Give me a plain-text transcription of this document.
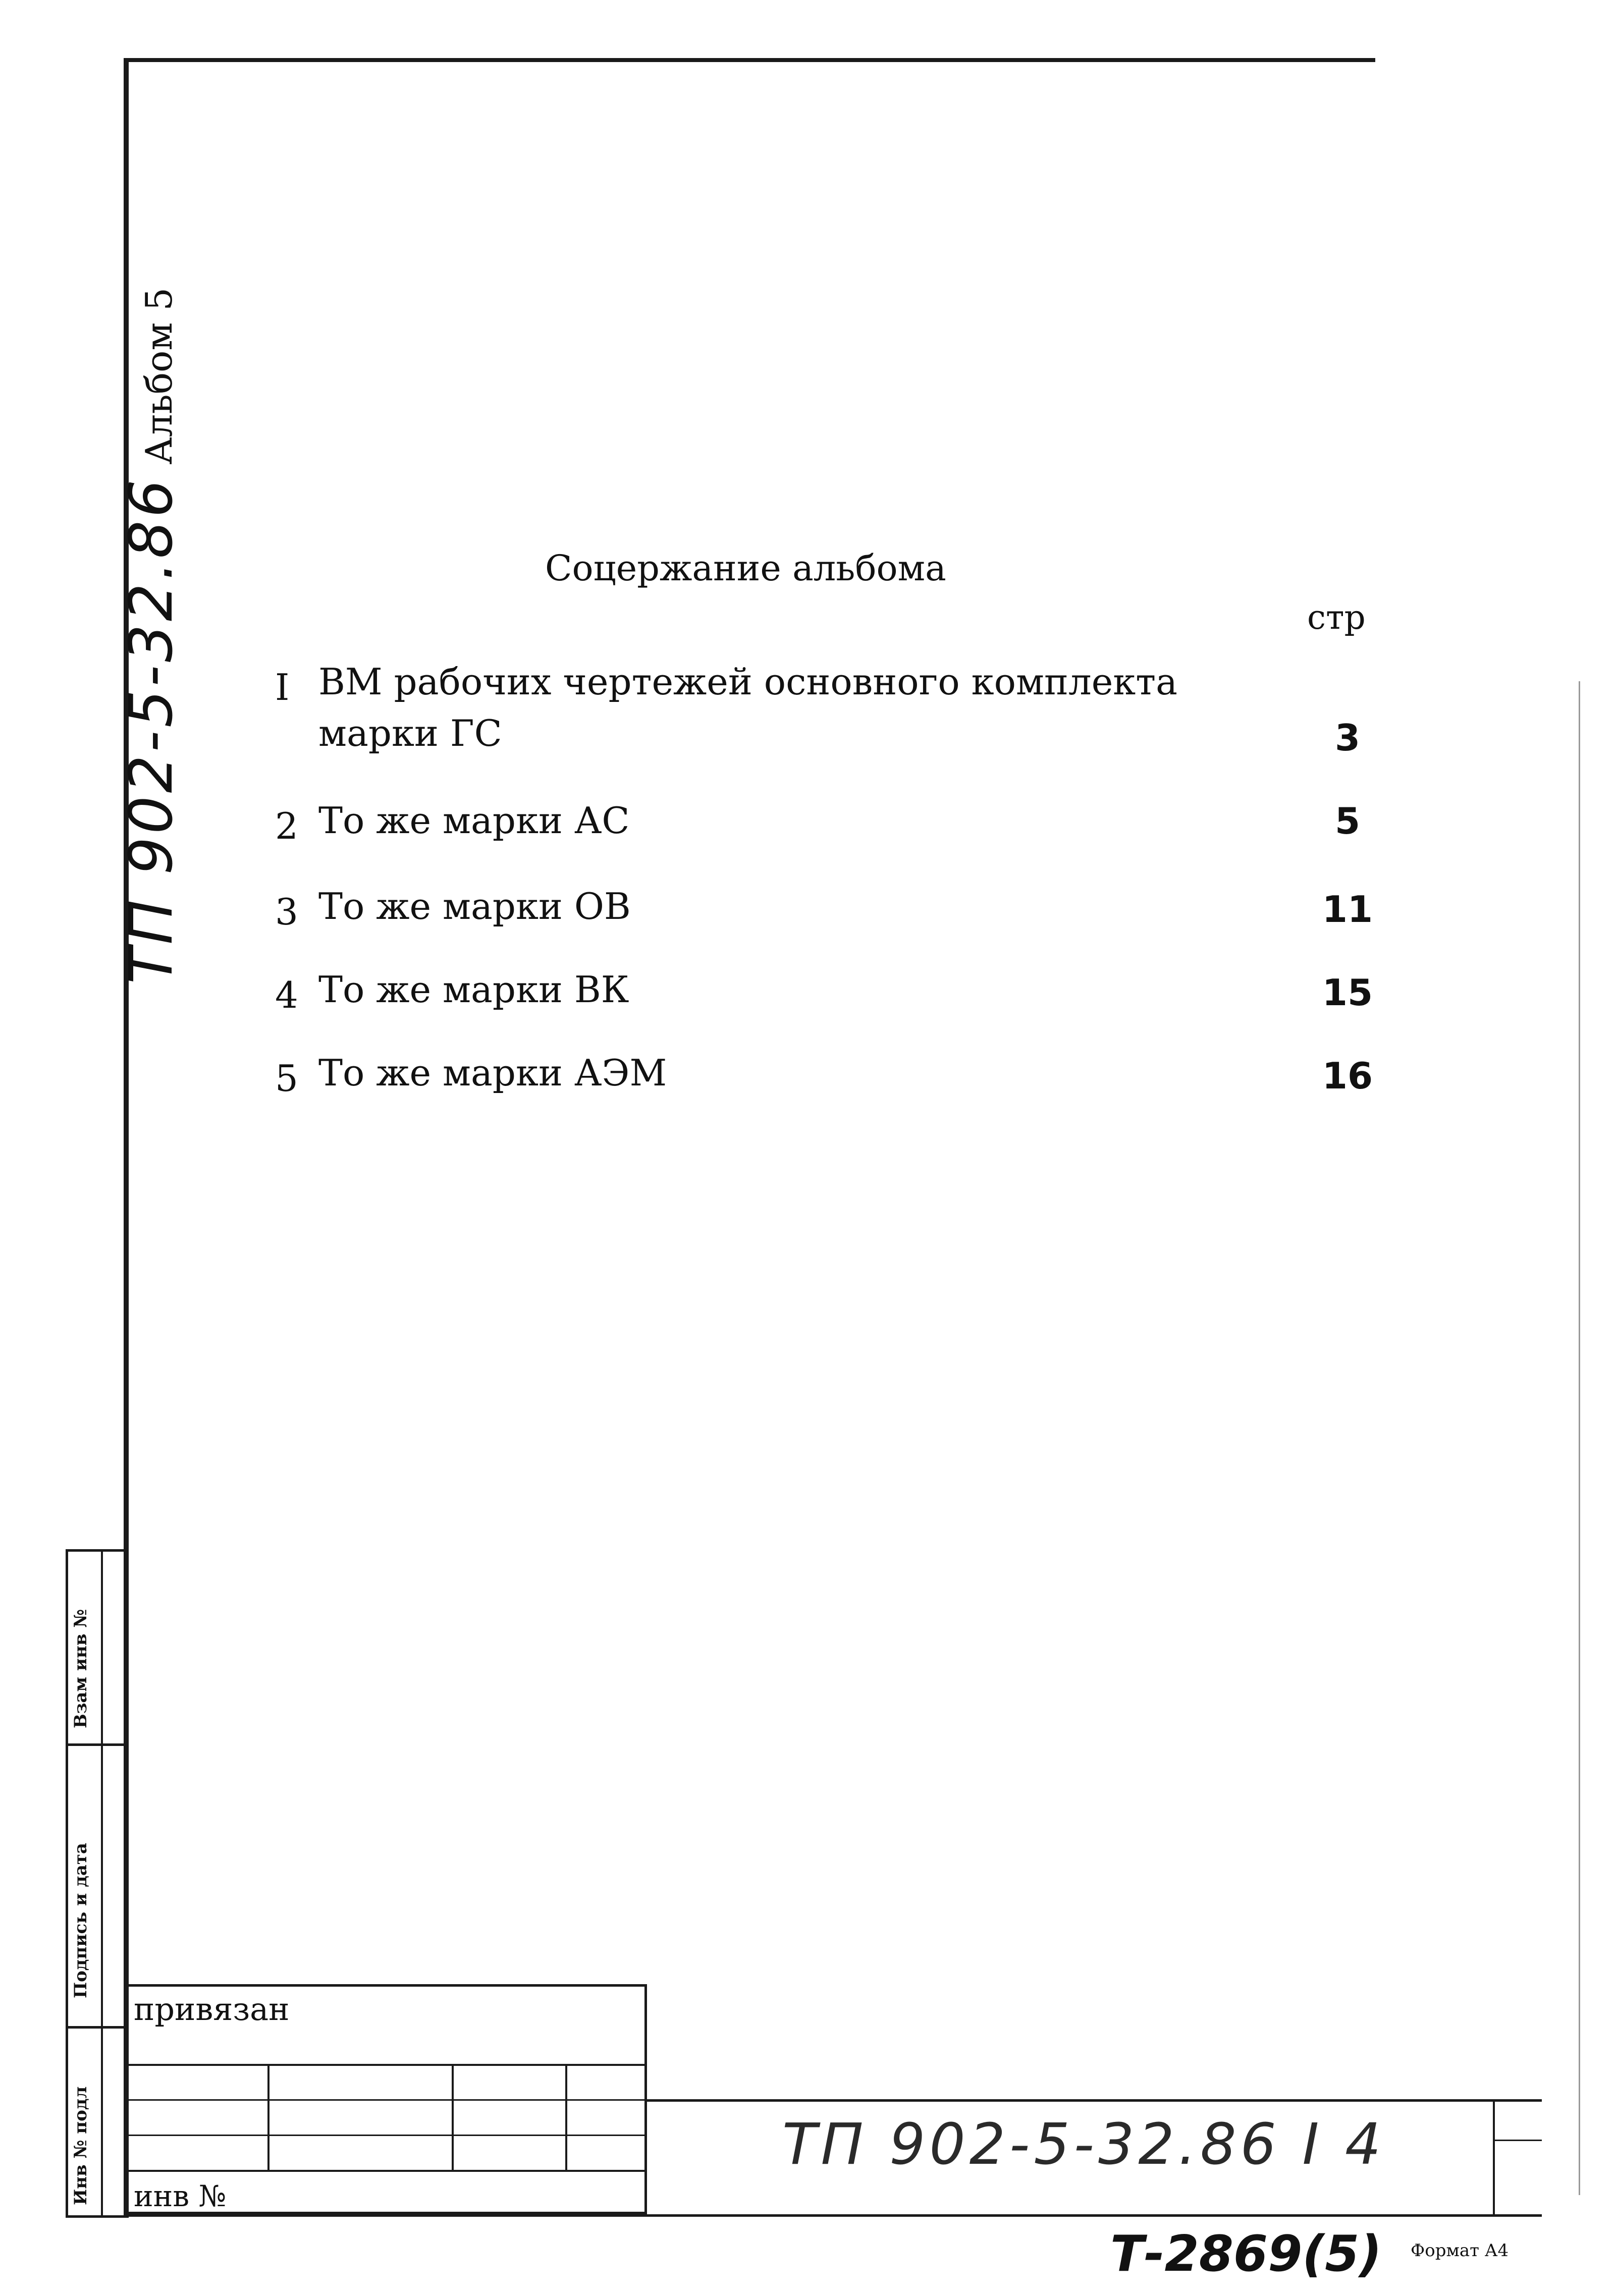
ТП 902-5-32.86 Альбом 5
Соцержание альбома
стр
I ВМ рабочих чертежей основного комплекта
марки ГС	3
2 То же марки АС	5
3 То же марки ОВ	11
4 То же марки ВК	15
5 То же марки АЭМ	16
Взам инв №
Подпись и дата
Инв № подл
привязан
инв №
ТП 902-5-32.86 І 4
Т-2869(5) Формат А4
